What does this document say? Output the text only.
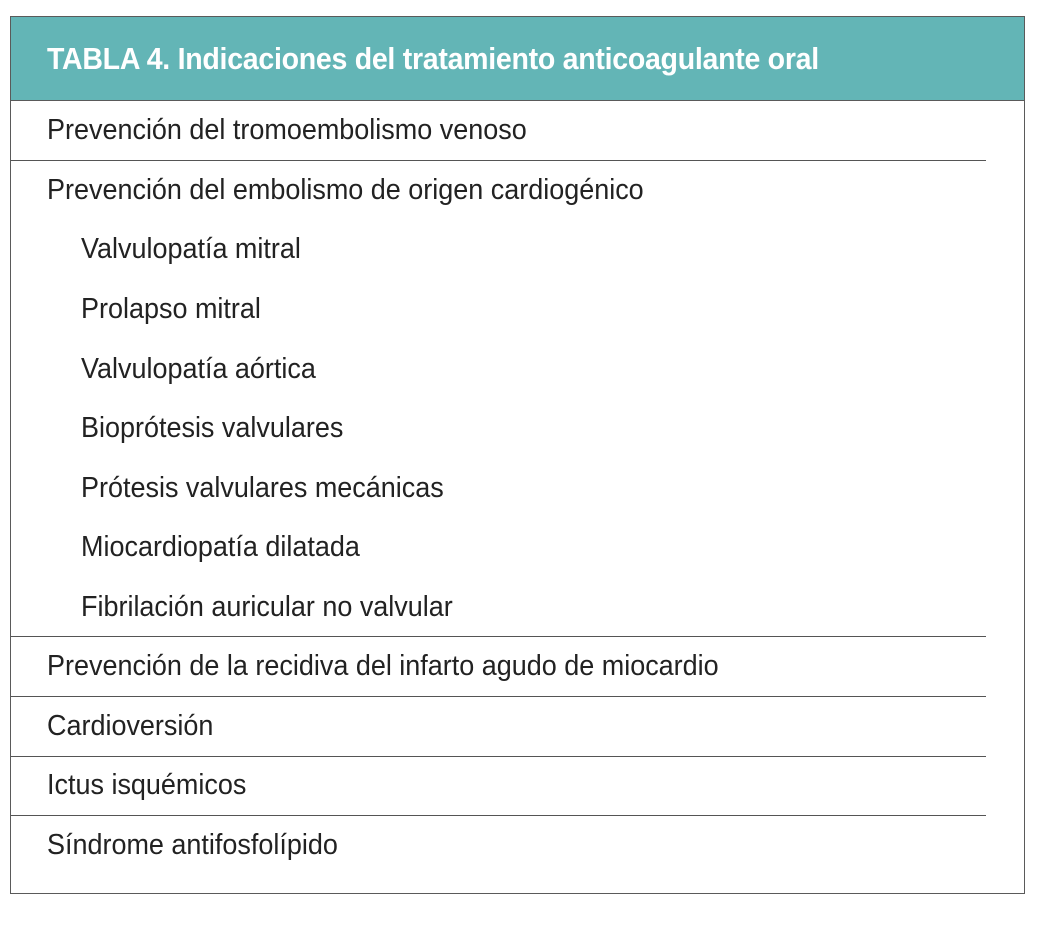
TABLA 4. Indicaciones del tratamiento anticoagulante oral
Prevención del tromoembolismo venoso
Prevención del embolismo de origen cardiogénico
Valvulopatía mitral
Prolapso mitral
Valvulopatía aórtica
Bioprótesis valvulares
Prótesis valvulares mecánicas
Miocardiopatía dilatada
Fibrilación auricular no valvular
Prevención de la recidiva del infarto agudo de miocardio
Cardioversión
Ictus isquémicos
Síndrome antifosfolípido
